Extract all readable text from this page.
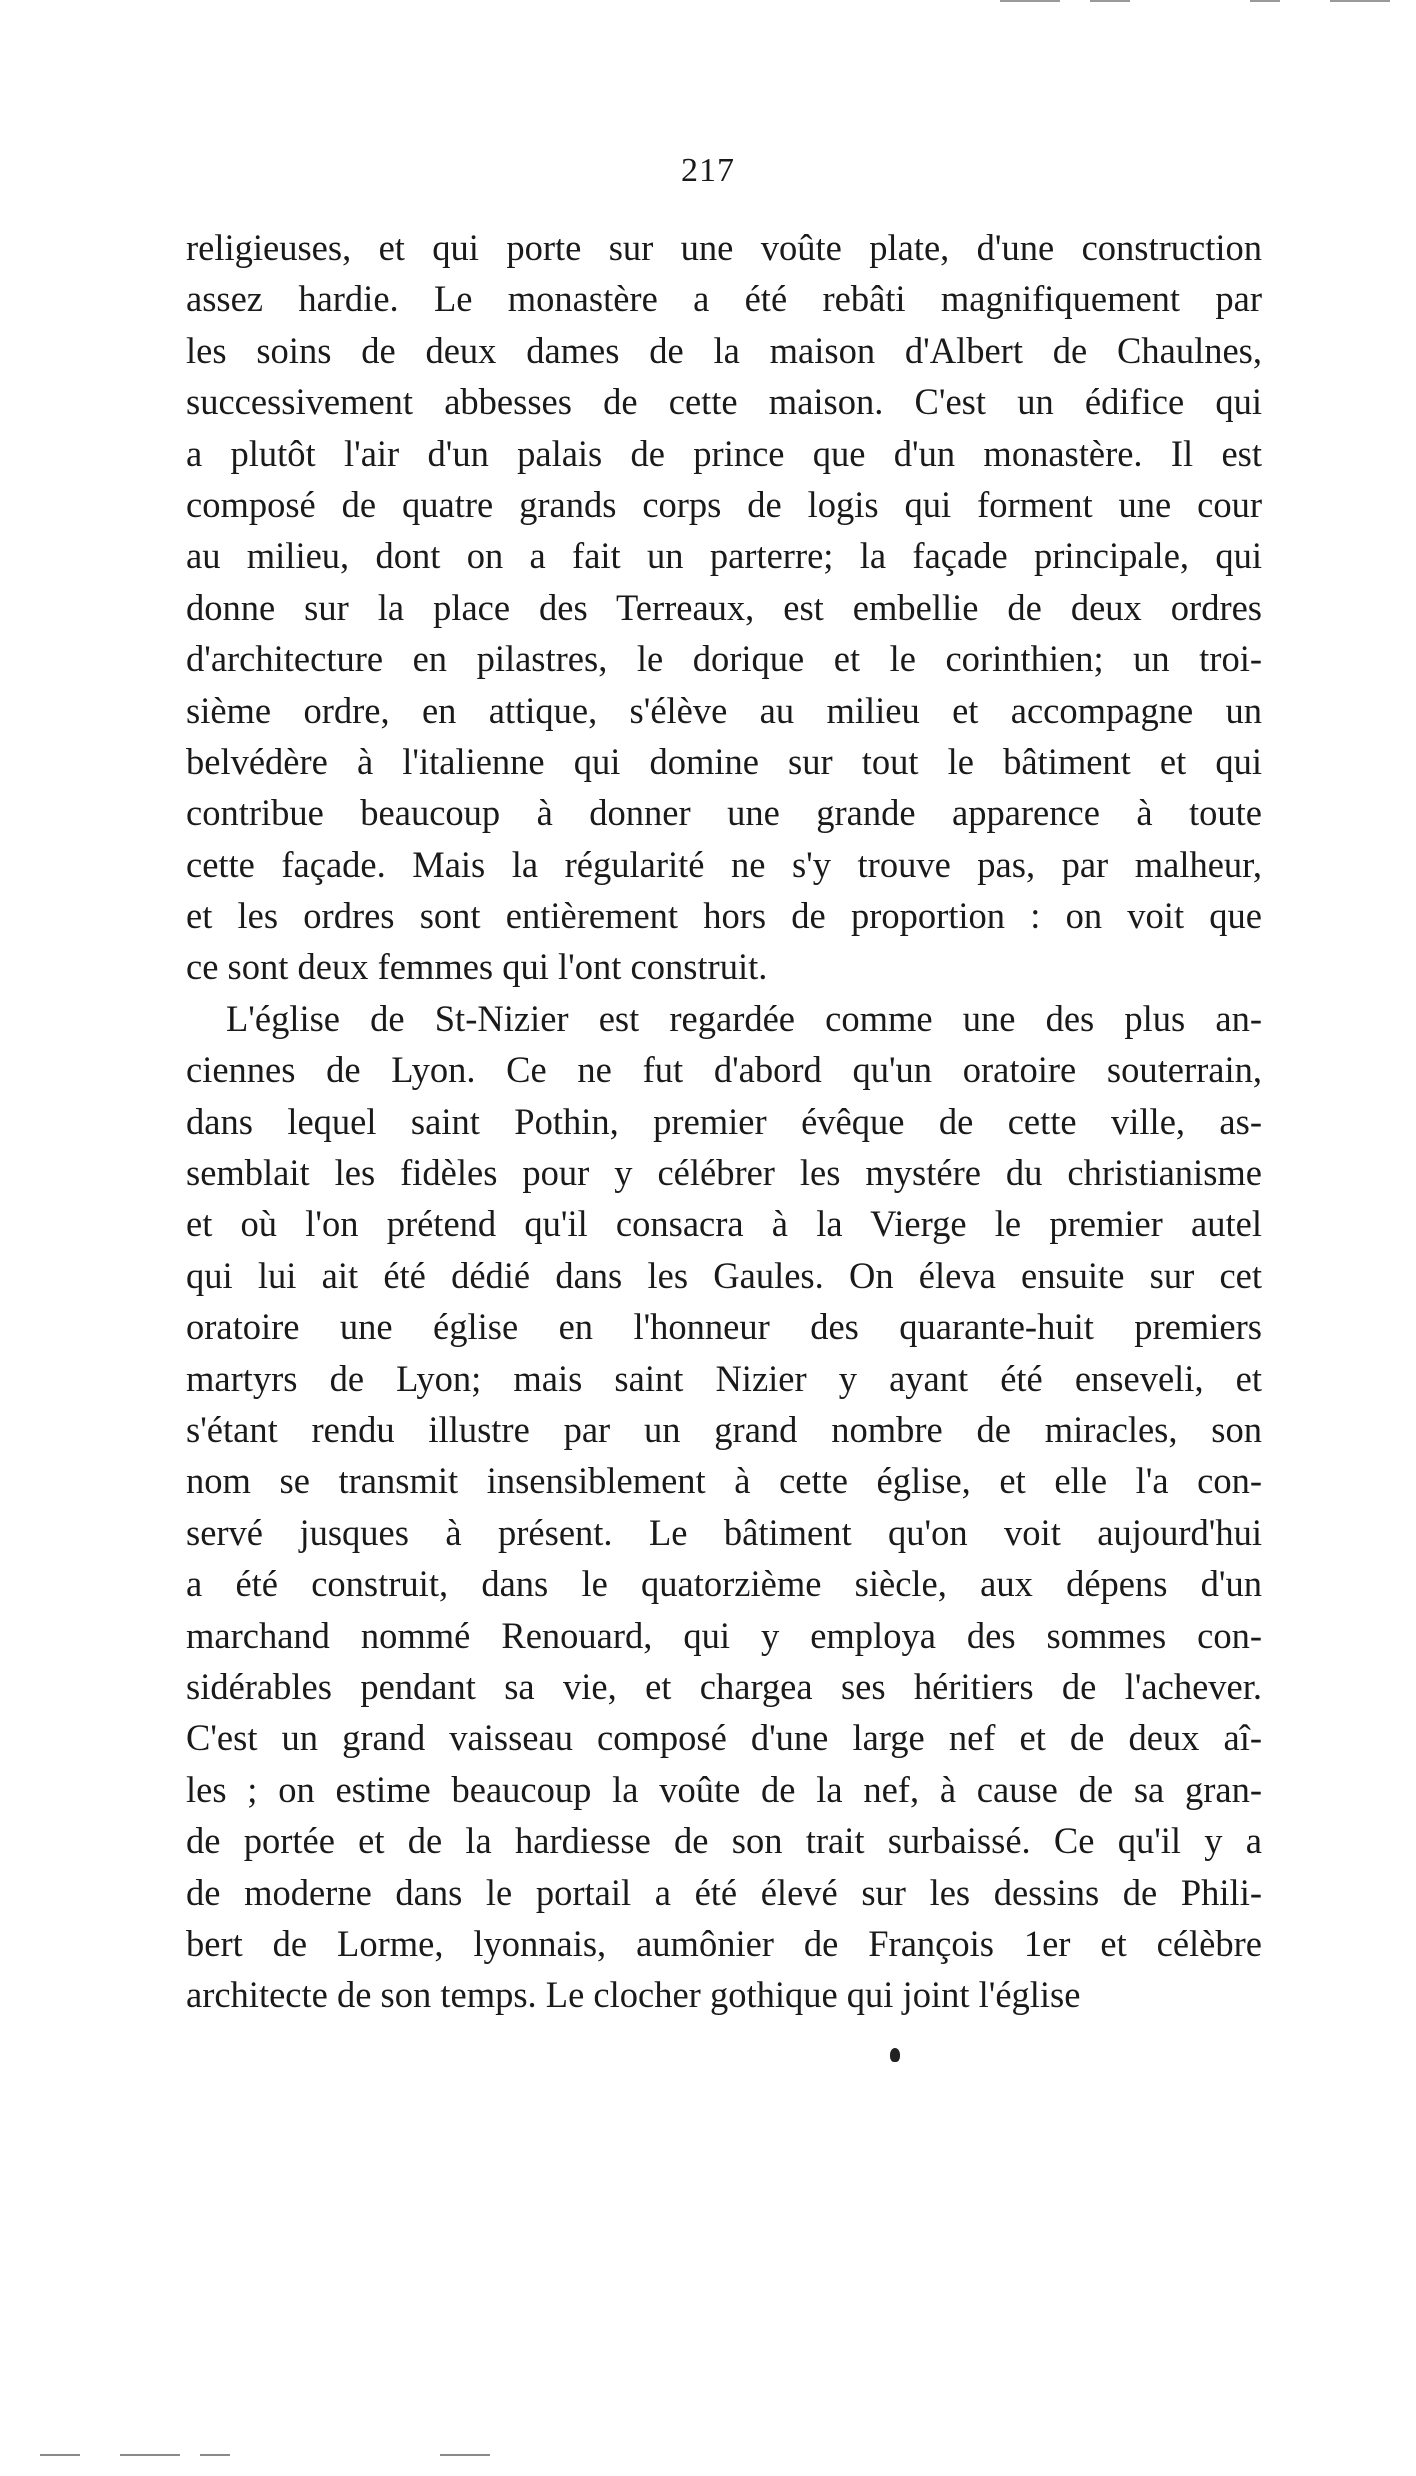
217
religieuses, et qui porte sur une voûte plate, d'une construction
assez hardie. Le monastère a été rebâti magnifiquement par
les soins de deux dames de la maison d'Albert de Chaulnes,
successivement abbesses de cette maison. C'est un édifice qui
a plutôt l'air d'un palais de prince que d'un monastère. Il est
composé de quatre grands corps de logis qui forment une cour
au milieu, dont on a fait un parterre; la façade principale, qui
donne sur la place des Terreaux, est embellie de deux ordres
d'architecture en pilastres, le dorique et le corinthien; un troi-
sième ordre, en attique, s'élève au milieu et accompagne un
belvédère à l'italienne qui domine sur tout le bâtiment et qui
contribue beaucoup à donner une grande apparence à toute
cette façade. Mais la régularité ne s'y trouve pas, par malheur,
et les ordres sont entièrement hors de proportion : on voit que
ce sont deux femmes qui l'ont construit.
L'église de St-Nizier est regardée comme une des plus an-
ciennes de Lyon. Ce ne fut d'abord qu'un oratoire souterrain,
dans lequel saint Pothin, premier évêque de cette ville, as-
semblait les fidèles pour y célébrer les mystére du christianisme
et où l'on prétend qu'il consacra à la Vierge le premier autel
qui lui ait été dédié dans les Gaules. On éleva ensuite sur cet
oratoire une église en l'honneur des quarante-huit premiers
martyrs de Lyon; mais saint Nizier y ayant été enseveli, et
s'étant rendu illustre par un grand nombre de miracles, son
nom se transmit insensiblement à cette église, et elle l'a con-
servé jusques à présent. Le bâtiment qu'on voit aujourd'hui
a été construit, dans le quatorzième siècle, aux dépens d'un
marchand nommé Renouard, qui y employa des sommes con-
sidérables pendant sa vie, et chargea ses héritiers de l'achever.
C'est un grand vaisseau composé d'une large nef et de deux aî-
les ; on estime beaucoup la voûte de la nef, à cause de sa gran-
de portée et de la hardiesse de son trait surbaissé. Ce qu'il y a
de moderne dans le portail a été élevé sur les dessins de Phili-
bert de Lorme, lyonnais, aumônier de François 1er et célèbre
architecte de son temps. Le clocher gothique qui joint l'église
